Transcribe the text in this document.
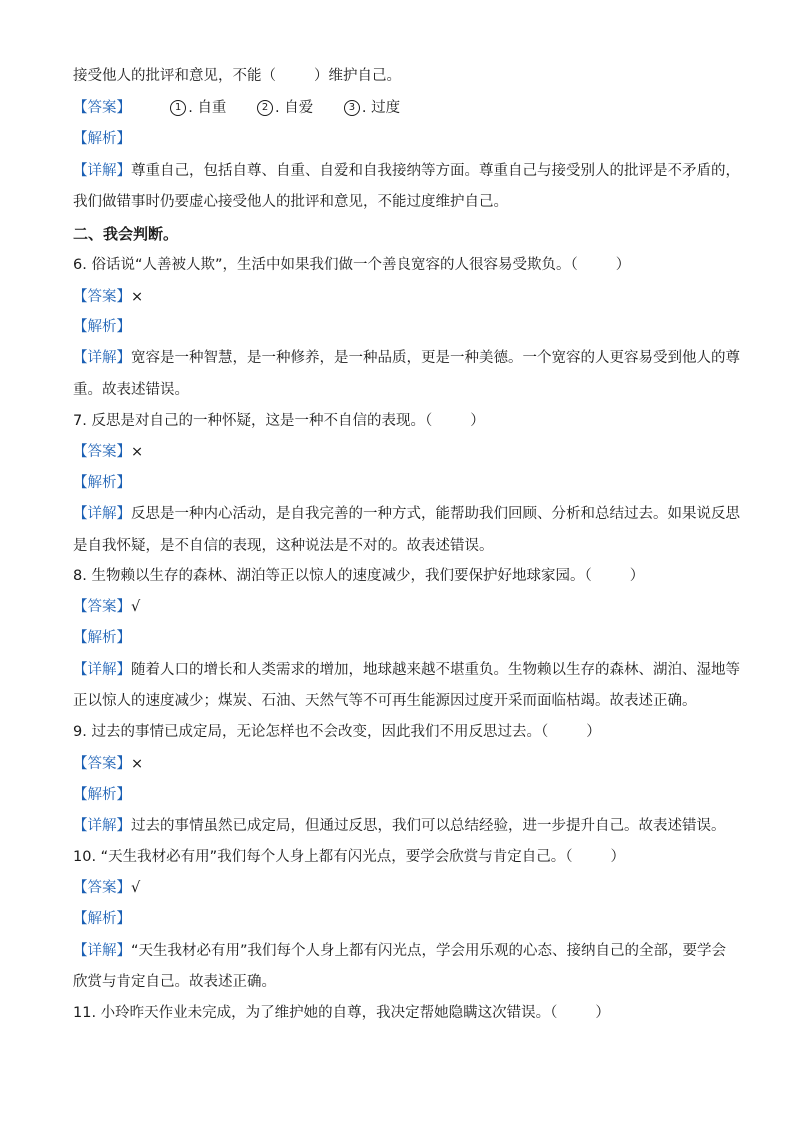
接受他人的批评和意见，不能（	）维护自己。
【答案】	1 . 自重	2 . 自爱	3 . 过度
【解析】
【详解】尊重自己，包括自尊、自重、自爱和自我接纳等方面。尊重自己与接受别人的批评是不矛盾的，
我们做错事时仍要虚心接受他人的批评和意见，不能过度维护自己。
二、我会判断。
6. 俗话说“人善被人欺”，生活中如果我们做一个善良宽容的人很容易受欺负。（	）
【答案】×
【解析】
【详解】宽容是一种智慧，是一种修养，是一种品质，更是一种美德。一个宽容的人更容易受到他人的尊
重。故表述错误。
7. 反思是对自己的一种怀疑，这是一种不自信的表现。（	）
【答案】×
【解析】
【详解】反思是一种内心活动，是自我完善的一种方式，能帮助我们回顾、分析和总结过去。如果说反思
是自我怀疑，是不自信的表现，这种说法是不对的。故表述错误。
8. 生物赖以生存的森林、湖泊等正以惊人的速度减少，我们要保护好地球家园。（	）
【答案】√
【解析】
【详解】随着人口的增长和人类需求的增加，地球越来越不堪重负。生物赖以生存的森林、湖泊、湿地等
正以惊人的速度减少；煤炭、石油、天然气等不可再生能源因过度开采而面临枯竭。故表述正确。
9. 过去的事情已成定局，无论怎样也不会改变，因此我们不用反思过去。（	）
【答案】×
【解析】
【详解】过去的事情虽然已成定局，但通过反思，我们可以总结经验，进一步提升自己。故表述错误。
10. “天生我材必有用”我们每个人身上都有闪光点，要学会欣赏与肯定自己。（	）
【答案】√
【解析】
【详解】“天生我材必有用”我们每个人身上都有闪光点，学会用乐观的心态、接纳自己的全部，要学会
欣赏与肯定自己。故表述正确。
11. 小玲昨天作业未完成，为了维护她的自尊，我决定帮她隐瞒这次错误。（	）
